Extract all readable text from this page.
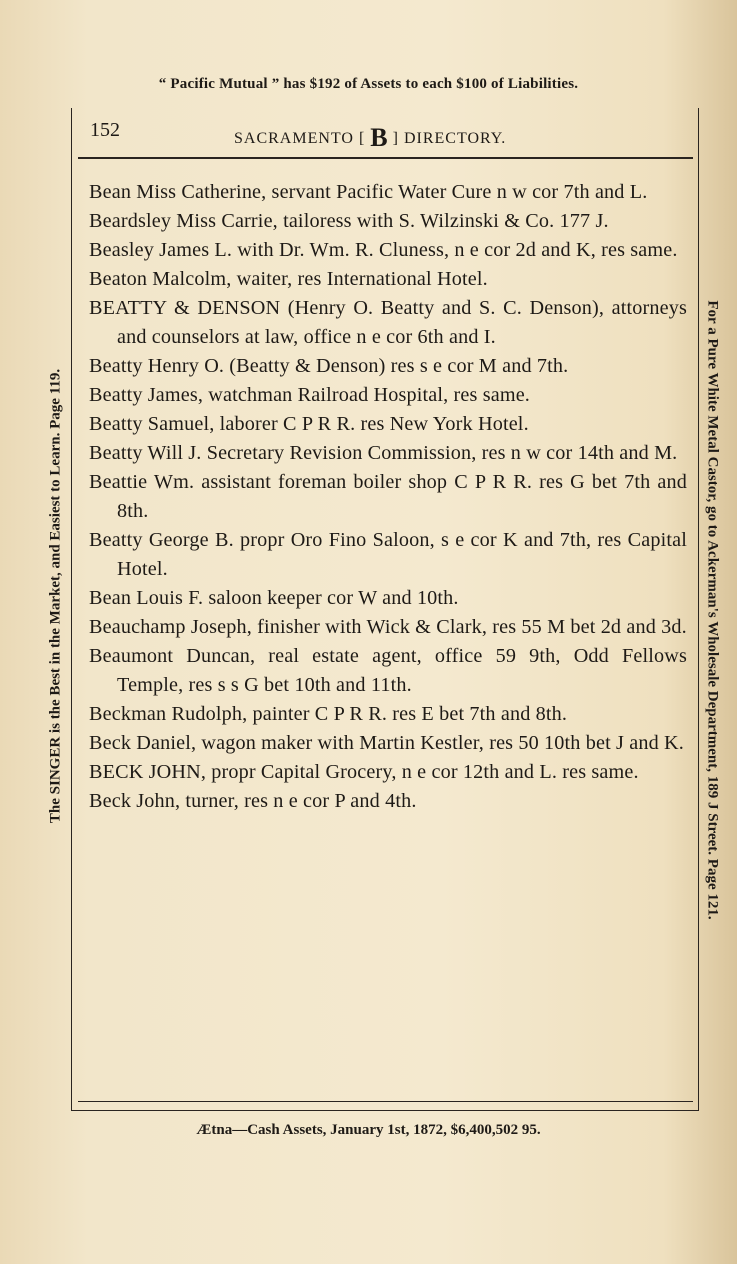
“ Pacific Mutual ” has $192 of Assets to each $100 of Liabilities.
152	SACRAMENTO [ B ] DIRECTORY.

Bean Miss Catherine, servant Pacific Water Cure n w cor 7th and L.

Beardsley Miss Carrie, tailoress with S. Wilzinski & Co. 177 J.

Beasley James L. with Dr. Wm. R. Cluness, n e cor 2d and K, res same.

Beaton Malcolm, waiter, res International Hotel.

BEATTY & DENSON (Henry O. Beatty and S. C. Denson), attorneys and counselors at law, office n e cor 6th and I.

Beatty Henry O. (Beatty & Denson) res s e cor M and 7th.

Beatty James, watchman Railroad Hospital, res same.

Beatty Samuel, laborer C P R R. res New York Hotel.

Beatty Will J. Secretary Revision Commission, res n w cor 14th and M.

Beattie Wm. assistant foreman boiler shop C P R R. res G bet 7th and 8th.

Beatty George B. propr Oro Fino Saloon, s e cor K and 7th, res Capital Hotel.

Bean Louis F. saloon keeper cor W and 10th.

Beauchamp Joseph, finisher with Wick & Clark, res 55 M bet 2d and 3d.

Beaumont Duncan, real estate agent, office 59 9th, Odd Fellows Temple, res s s G bet 10th and 11th.

Beckman Rudolph, painter C P R R. res E bet 7th and 8th.

Beck Daniel, wagon maker with Martin Kestler, res 50 10th bet J and K.

BECK JOHN, propr Capital Grocery, n e cor 12th and L. res same.

Beck John, turner, res n e cor P and 4th.

Ætna—Cash Assets, January 1st, 1872, $6,400,502 95.
The SINGER is the Best in the Market, and Easiest to Learn. Page 119.	For a Pure White Metal Castor, go to Ackerman's Wholesale Department, 189 J Street. Page 121.
